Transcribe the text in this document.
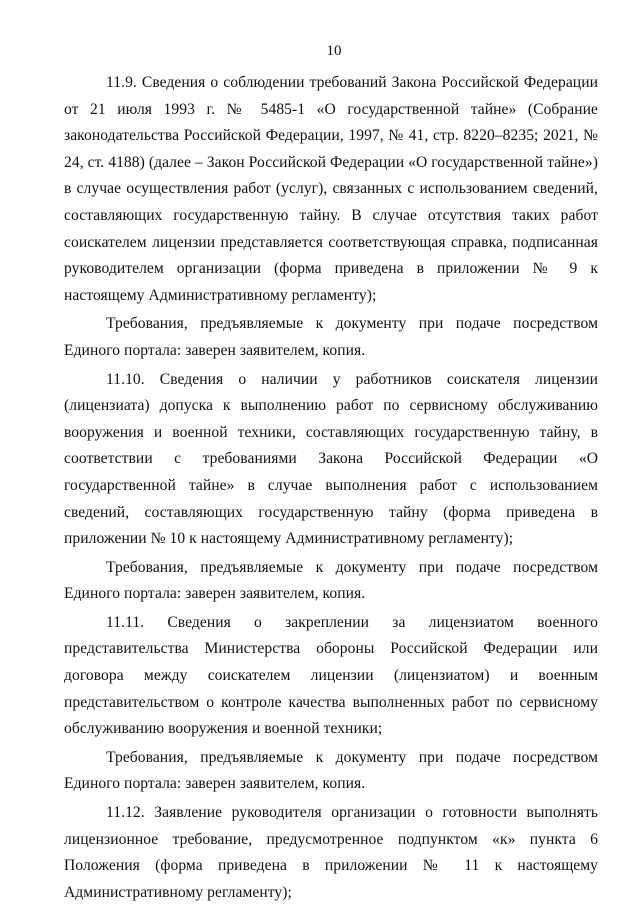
10

11.9. Сведения о соблюдении требований Закона Российской Федерации от 21 июля 1993 г. № 5485-1 «О государственной тайне» (Собрание законодательства Российской Федерации, 1997, № 41, стр. 8220–8235; 2021, № 24, ст. 4188) (далее – Закон Российской Федерации «О государственной тайне») в случае осуществления работ (услуг), связанных с использованием сведений, составляющих государственную тайну. В случае отсутствия таких работ соискателем лицензии представляется соответствующая справка, подписанная руководителем организации (форма приведена в приложении № 9 к настоящему Административному регламенту);

Требования, предъявляемые к документу при подаче посредством Единого портала: заверен заявителем, копия.

11.10. Сведения о наличии у работников соискателя лицензии (лицензиата) допуска к выполнению работ по сервисному обслуживанию вооружения и военной техники, составляющих государственную тайну, в соответствии с требованиями Закона Российской Федерации «О государственной тайне» в случае выполнения работ с использованием сведений, составляющих государственную тайну (форма приведена в приложении № 10 к настоящему Административному регламенту);

Требования, предъявляемые к документу при подаче посредством Единого портала: заверен заявителем, копия.

11.11. Сведения о закреплении за лицензиатом военного представительства Министерства обороны Российской Федерации или договора между соискателем лицензии (лицензиатом) и военным представительством о контроле качества выполненных работ по сервисному обслуживанию вооружения и военной техники;

Требования, предъявляемые к документу при подаче посредством Единого портала: заверен заявителем, копия.

11.12. Заявление руководителя организации о готовности выполнять лицензионное требование, предусмотренное подпунктом «к» пункта 6 Положения (форма приведена в приложении № 11 к настоящему Административному регламенту);
